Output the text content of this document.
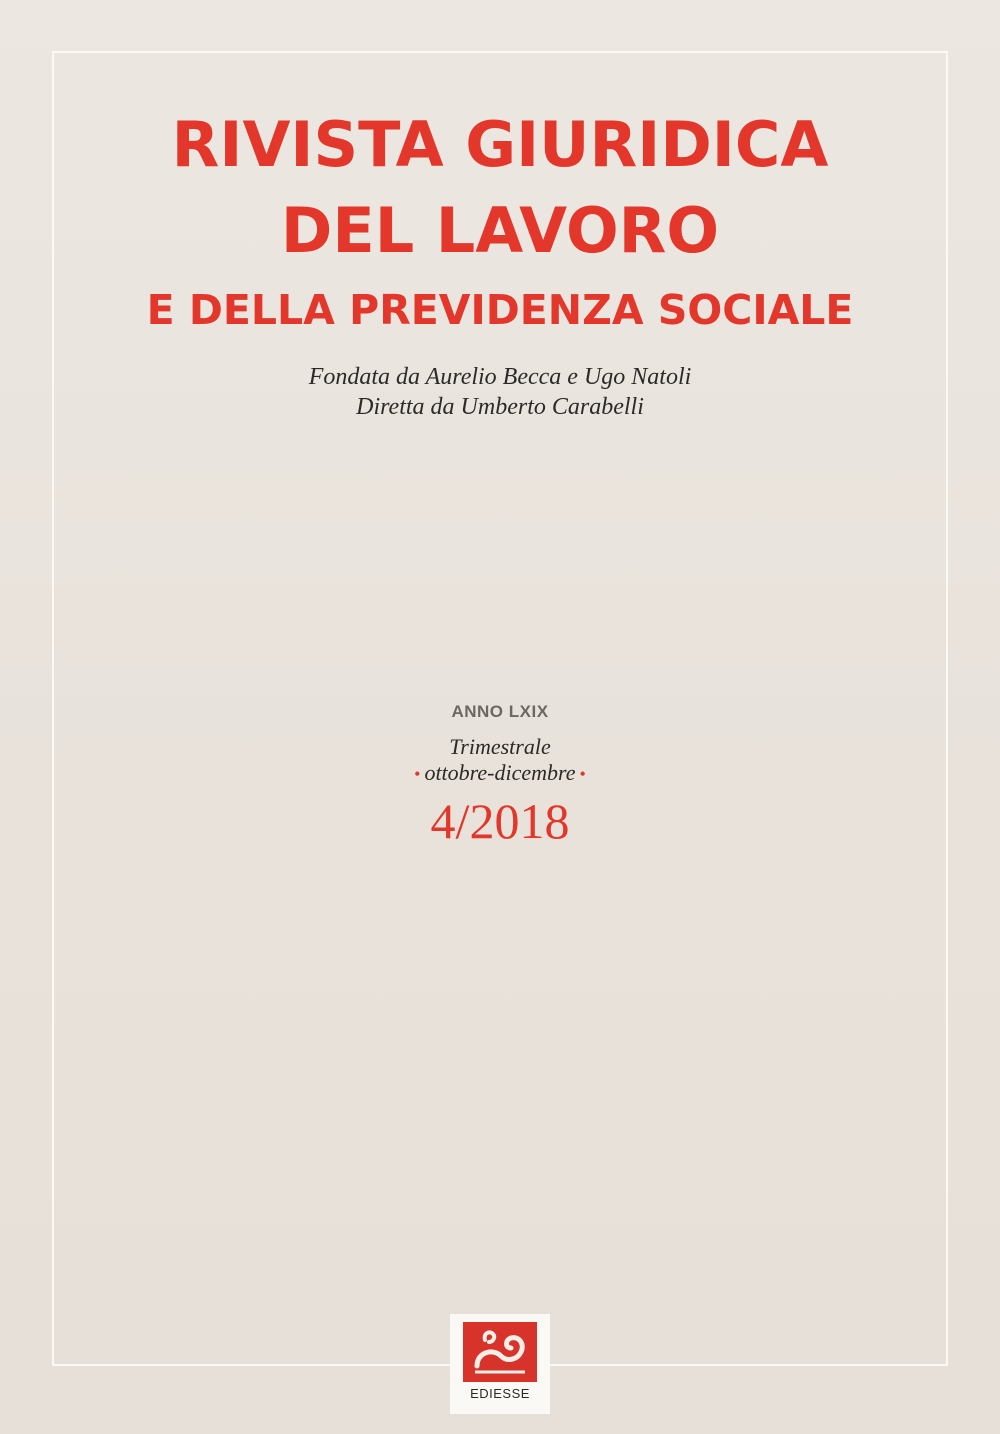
RIVISTA GIURIDICA
DEL LAVORO
E DELLA PREVIDENZA SOCIALE
Fondata da Aurelio Becca e Ugo Natoli
Diretta da Umberto Carabelli
ANNO LXIX
Trimestrale
• ottobre-dicembre •
4/2018
EDIESSE
